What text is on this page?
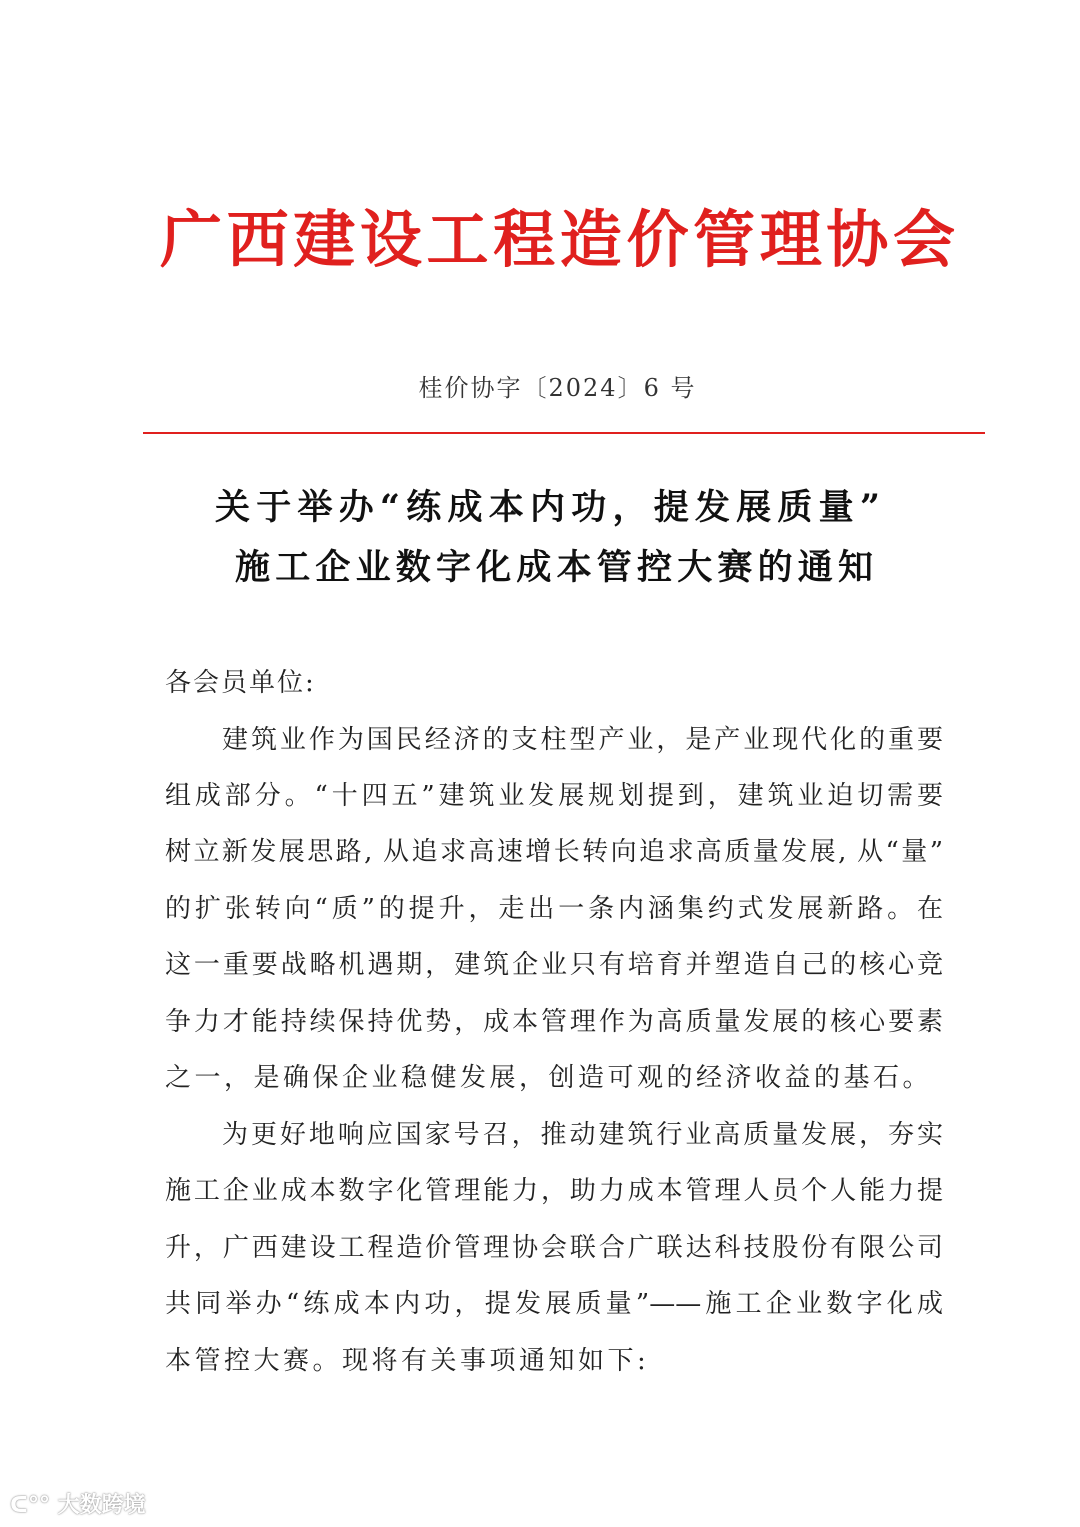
广西建设工程造价管理协会
桂价协字〔2024〕6 号
关于举办“练成本内功，提发展质量”
施工企业数字化成本管控大赛的通知
各会员单位:
建筑业作为国民经济的支柱型产业，是产业现代化的重要
组成部分。“十四五”建筑业发展规划提到，建筑业迫切需要
树立新发展思路, 从追求高速增长转向追求高质量发展, 从“量”
的扩张转向“质”的提升，走出一条内涵集约式发展新路。在
这一重要战略机遇期，建筑企业只有培育并塑造自己的核心竞
争力才能持续保持优势，成本管理作为高质量发展的核心要素
之一，是确保企业稳健发展，创造可观的经济收益的基石。
为更好地响应国家号召，推动建筑行业高质量发展，夯实
施工企业成本数字化管理能力，助力成本管理人员个人能力提
升，广西建设工程造价管理协会联合广联达科技股份有限公司
共同举办“练成本内功，提发展质量”——施工企业数字化成
本管控大赛。现将有关事项通知如下:
ᑕ°° 大数跨境
